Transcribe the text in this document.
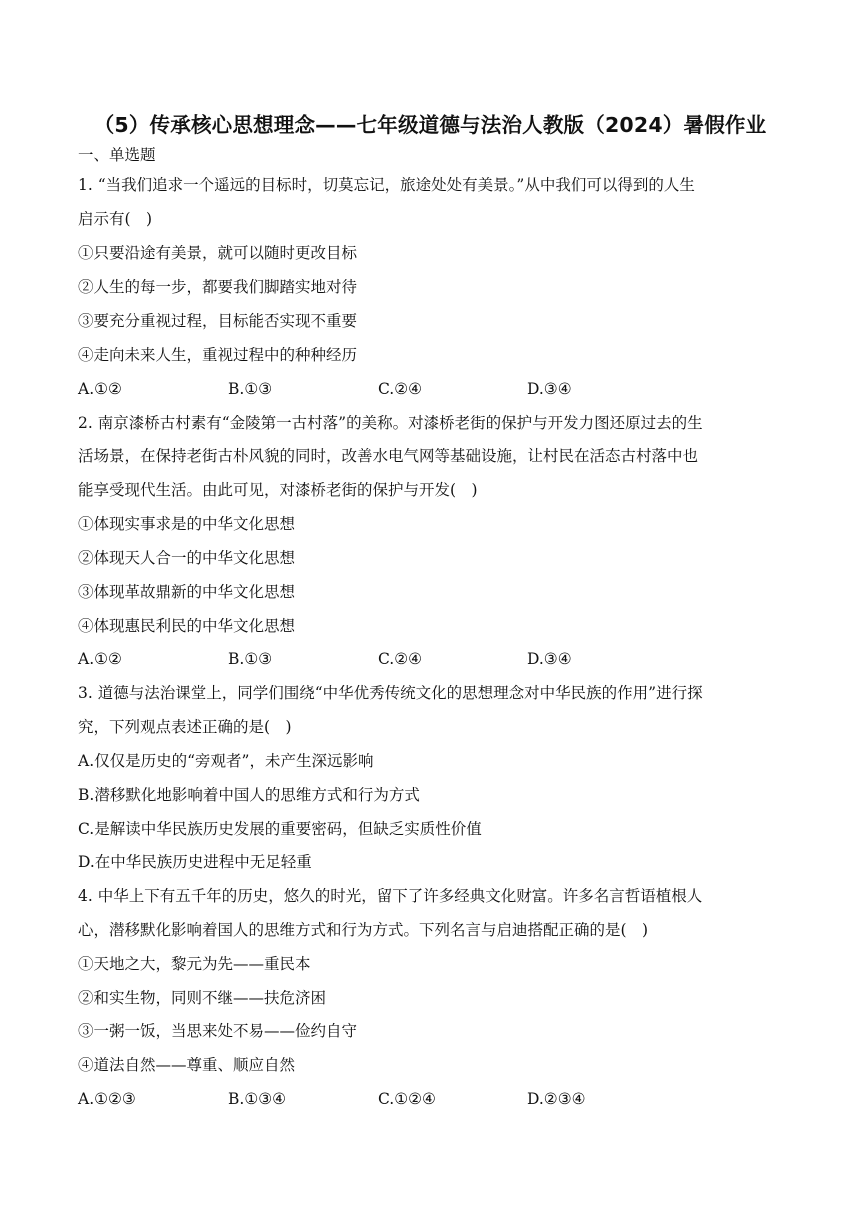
（5）传承核心思想理念——七年级道德与法治人教版（2024）暑假作业
一、单选题
1. “当我们追求一个遥远的目标时，切莫忘记，旅途处处有美景。”从中我们可以得到的人生
启示有(　)
①只要沿途有美景，就可以随时更改目标
②人生的每一步，都要我们脚踏实地对待
③要充分重视过程，目标能否实现不重要
④走向未来人生，重视过程中的种种经历
A.①②	B.①③	C.②④	D.③④
2. 南京漆桥古村素有“金陵第一古村落”的美称。对漆桥老街的保护与开发力图还原过去的生
活场景，在保持老街古朴风貌的同时，改善水电气网等基础设施，让村民在活态古村落中也
能享受现代生活。由此可见，对漆桥老街的保护与开发(　)
①体现实事求是的中华文化思想
②体现天人合一的中华文化思想
③体现革故鼎新的中华文化思想
④体现惠民利民的中华文化思想
A.①②	B.①③	C.②④	D.③④
3. 道德与法治课堂上，同学们围绕“中华优秀传统文化的思想理念对中华民族的作用”进行探
究，下列观点表述正确的是(　)
A.仅仅是历史的“旁观者”，未产生深远影响
B.潜移默化地影响着中国人的思维方式和行为方式
C.是解读中华民族历史发展的重要密码，但缺乏实质性价值
D.在中华民族历史进程中无足轻重
4. 中华上下有五千年的历史，悠久的时光，留下了许多经典文化财富。许多名言哲语植根人
心，潜移默化影响着国人的思维方式和行为方式。下列名言与启迪搭配正确的是(　)
①天地之大，黎元为先——重民本
②和实生物，同则不继——扶危济困
③一粥一饭，当思来处不易——俭约自守
④道法自然——尊重、顺应自然
A.①②③	B.①③④	C.①②④	D.②③④
